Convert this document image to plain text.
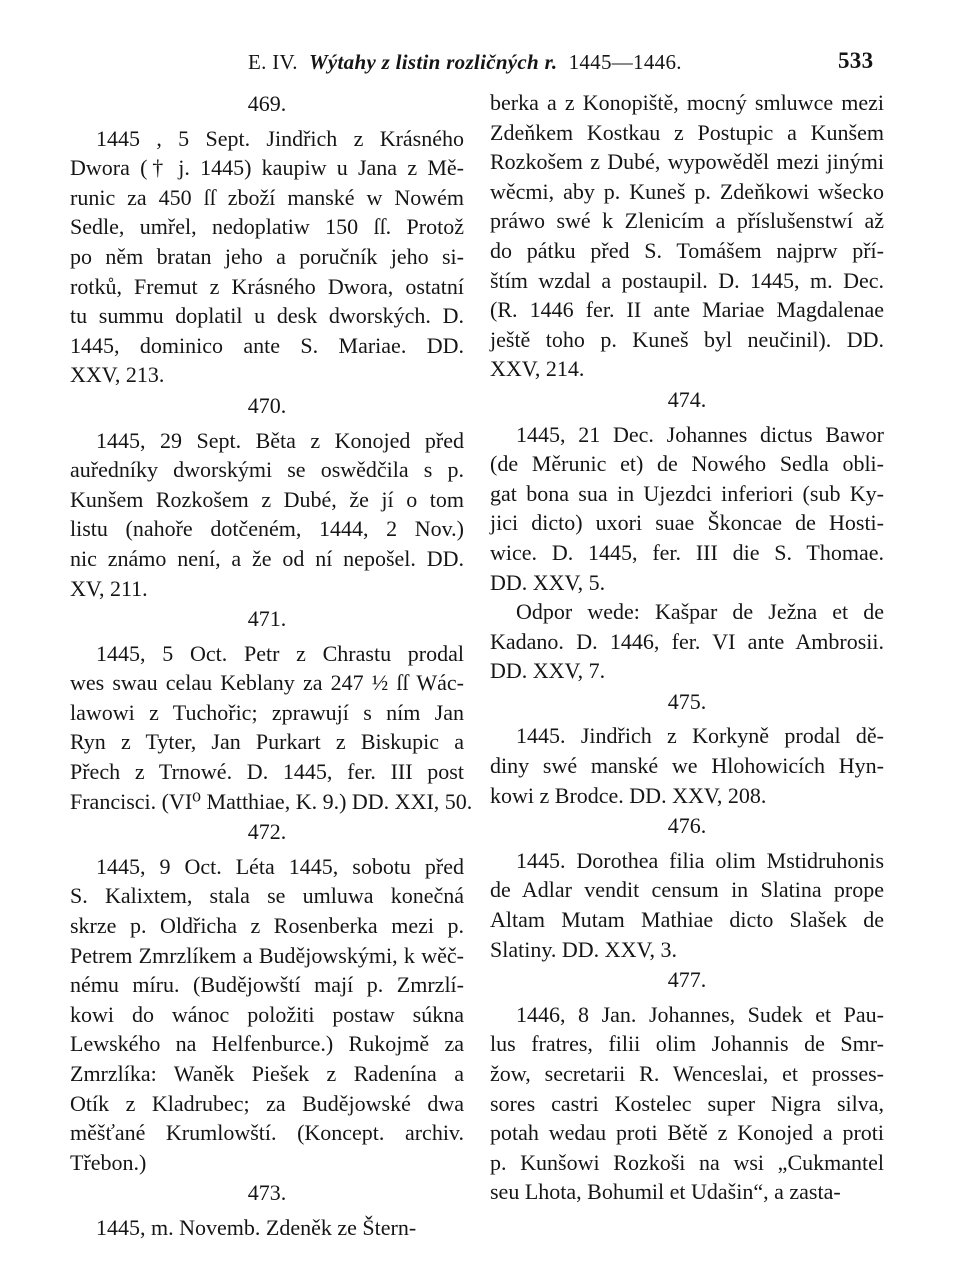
E. IV. Wýtahy z listin rozličných r. 1445—1446.	533
469.
1445 , 5 Sept. Jindřich z Krásného
Dwora († j. 1445) kaupiw u Jana z Mě-
runic za 450 ſſ zboží manské w Nowém
Sedle, umřel, nedoplatiw 150 ſſ. Protož
po něm bratan jeho a poručník jeho si-
rotků, Fremut z Krásného Dwora, ostatní
tu summu doplatil u desk dworských. D.
1445, dominico ante S. Mariae. DD.
XXV, 213.
470.
1445, 29 Sept. Běta z Konojed před
auředníky dworskými se oswědčila s p.
Kunšem Rozkošem z Dubé, že jí o tom
listu (nahoře dotčeném, 1444, 2 Nov.)
nic známo není, a že od ní nepošel. DD.
XV, 211.
471.
1445, 5 Oct. Petr z Chrastu prodal
wes swau celau Keblany za 247 ½ ſſ Wác-
lawowi z Tuchořic; zprawují s ním Jan
Ryn z Tyter, Jan Purkart z Biskupic a
Přech z Trnowé. D. 1445, fer. III post
Francisci. (VI⁰ Matthiae, K. 9.) DD. XXI, 50.
472.
1445, 9 Oct. Léta 1445, sobotu před
S. Kalixtem, stala se umluwa konečná
skrze p. Oldřicha z Rosenberka mezi p.
Petrem Zmrzlíkem a Budějowskými, k wěč-
nému míru. (Budějowští mají p. Zmrzlí-
kowi do wánoc položiti postaw súkna
Lewského na Helfenburce.) Rukojmě za
Zmrzlíka: Waněk Piešek z Radenína a
Otík z Kladrubec; za Budějowské dwa
měšťané Krumlowští. (Koncept. archiv.
Třebon.)
473.
1445, m. Novemb. Zdeněk ze Štern-
berka a z Konopiště, mocný smluwce mezi
Zdeňkem Kostkau z Postupic a Kunšem
Rozkošem z Dubé, wypowěděl mezi jinými
wěcmi, aby p. Kuneš p. Zdeňkowi wšecko
práwo swé k Zlenicím a příslušenstwí až
do pátku před S. Tomášem najprw pří-
štím wzdal a postaupil. D. 1445, m. Dec.
(R. 1446 fer. II ante Mariae Magdalenae
ještě toho p. Kuneš byl neučinil). DD.
XXV, 214.
474.
1445, 21 Dec. Johannes dictus Bawor
(de Měrunic et) de Nowého Sedla obli-
gat bona sua in Ujezdci inferiori (sub Ky-
jici dicto) uxori suae Škoncae de Hosti-
wice. D. 1445, fer. III die S. Thomae.
DD. XXV, 5.
Odpor wede: Kašpar de Ježna et de
Kadano. D. 1446, fer. VI ante Ambrosii.
DD. XXV, 7.
475.
1445. Jindřich z Korkyně prodal dě-
diny swé manské we Hlohowicích Hyn-
kowi z Brodce. DD. XXV, 208.
476.
1445. Dorothea filia olim Mstidruhonis
de Adlar vendit censum in Slatina prope
Altam Mutam Mathiae dicto Slašek de
Slatiny. DD. XXV, 3.
477.
1446, 8 Jan. Johannes, Sudek et Pau-
lus fratres, filii olim Johannis de Smr-
žow, secretarii R. Wenceslai, et prosses-
sores castri Kostelec super Nigra silva,
potah wedau proti Bětě z Konojed a proti
p. Kunšowi Rozkoši na wsi „Cukmantel
seu Lhota, Bohumil et Udašin“, a zasta-
